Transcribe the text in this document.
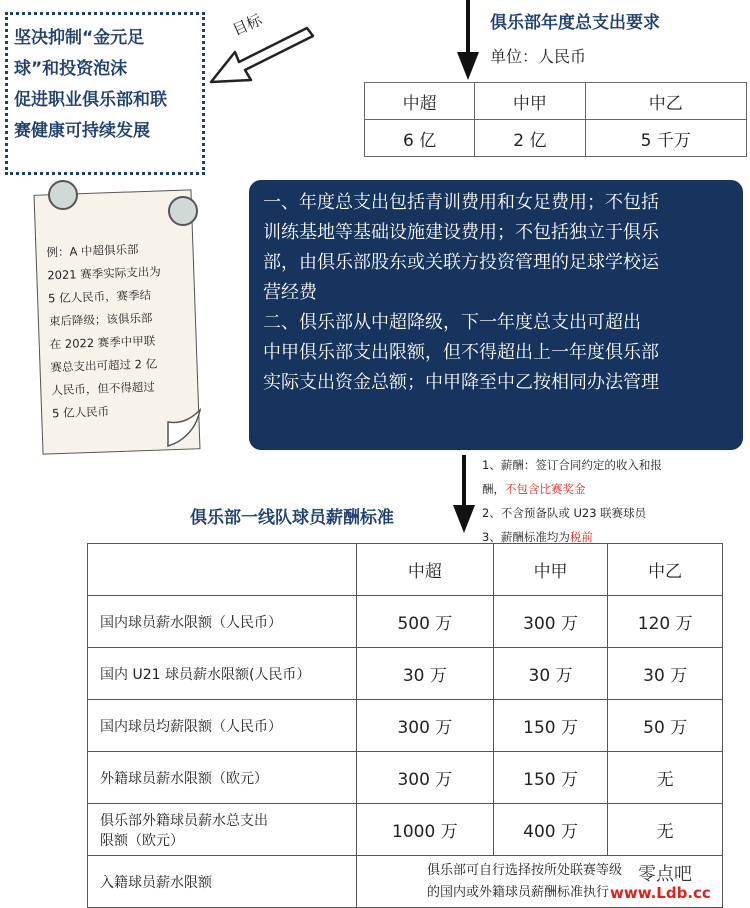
坚决抑制“金元足
球”和投资泡沫
促进职业俱乐部和联
赛健康可持续发展
目标
例：A 中超俱乐部
2021 赛季实际支出为
5 亿人民币，赛季结
束后降级；该俱乐部
在 2022 赛季中甲联
赛总支出可超过 2 亿
人民币，但不得超过
5 亿人民币
俱乐部年度总支出要求
单位：人民币
中超	中甲	中乙
6 亿	2 亿	5 千万

一、年度总支出包括青训费用和女足费用；不包括

训练基地等基础设施建设费用；不包括独立于俱乐

部，由俱乐部股东或关联方投资管理的足球学校运

营经费

二、俱乐部从中超降级，下一年度总支出可超出

中甲俱乐部支出限额，但不得超出上一年度俱乐部

实际支出资金总额；中甲降至中乙按相同办法管理

1、薪酬：签订合同约定的收入和报
酬，不包含比赛奖金
2、不含预备队或 U23 联赛球员
3、薪酬标准均为税前
俱乐部一线队球员薪酬标准
	中超	中甲	中乙
国内球员薪水限额（人民币）	500 万	300 万	120 万
国内 U21 球员薪水限额(人民币）	30 万	30 万	30 万
国内球员均薪限额（人民币）	300 万	150 万	50 万
外籍球员薪水限额（欧元）	300 万	150 万	无

俱乐部外籍球员薪水总支出
限额（欧元）	1000 万	400 万	无
入籍球员薪水限额	俱乐部可自行选择按所处联赛等级
的国内或外籍球员薪酬标准执行		
零点吧
www.Ldb.cc
